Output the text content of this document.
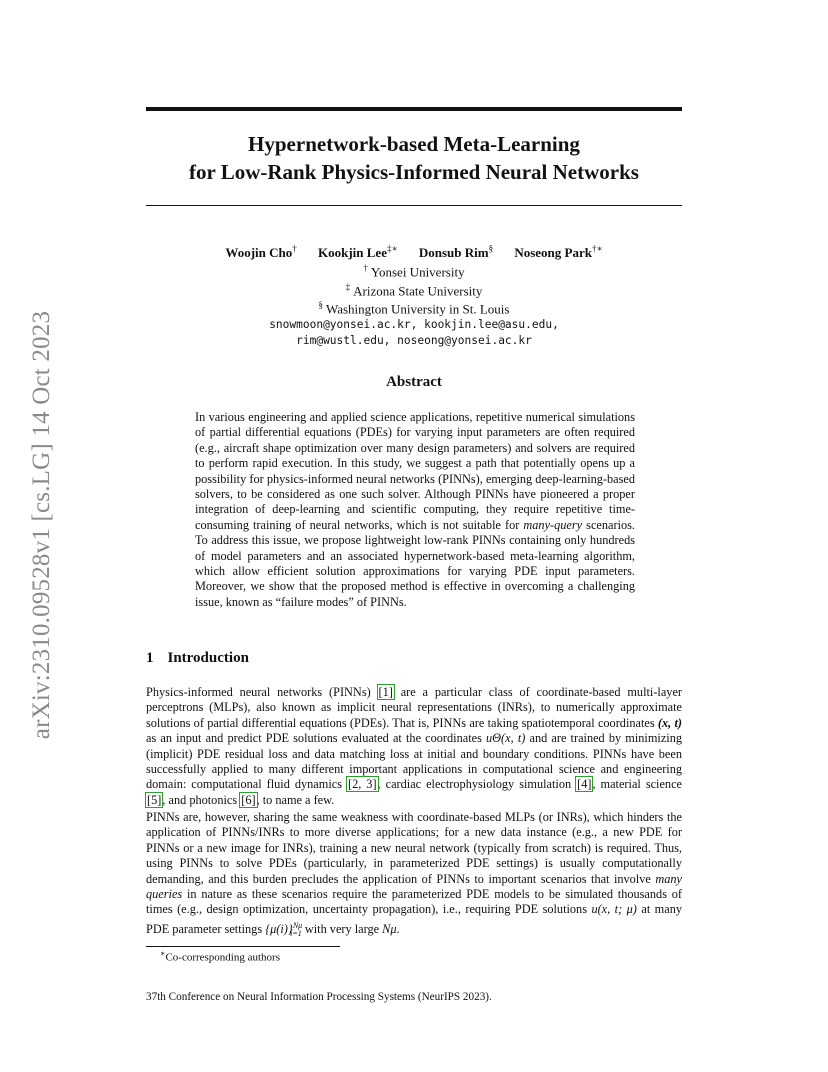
arXiv:2310.09528v1 [cs.LG] 14 Oct 2023
Hypernetwork-based Meta-Learning
for Low-Rank Physics-Informed Neural Networks
Woojin Cho† Kookjin Lee‡∗ Donsub Rim§ Noseong Park†∗
† Yonsei University
‡ Arizona State University
§ Washington University in St. Louis
snowmoon@yonsei.ac.kr, kookjin.lee@asu.edu,
rim@wustl.edu, noseong@yonsei.ac.kr
Abstract

In various engineering and applied science applications, repetitive numerical simulations of partial differential equations (PDEs) for varying input parameters are often required (e.g., aircraft shape optimization over many design parameters) and solvers are required to perform rapid execution. In this study, we suggest a path that potentially opens up a possibility for physics-informed neural networks (PINNs), emerging deep-learning-based solvers, to be considered as one such solver. Although PINNs have pioneered a proper integration of deep-learning and scientific computing, they require repetitive time-consuming training of neural networks, which is not suitable for many-query scenarios. To address this issue, we propose lightweight low-rank PINNs containing only hundreds of model parameters and an associated hypernetwork-based meta-learning algorithm, which allow efficient solution approximations for varying PDE input parameters. Moreover, we show that the proposed method is effective in overcoming a challenging issue, known as “failure modes” of PINNs.

1 Introduction

Physics-informed neural networks (PINNs) [1] are a particular class of coordinate-based multi-layer perceptrons (MLPs), also known as implicit neural representations (INRs), to numerically approximate solutions of partial differential equations (PDEs). That is, PINNs are taking spatiotemporal coordinates (x, t) as an input and predict PDE solutions evaluated at the coordinates uΘ(x, t) and are trained by minimizing (implicit) PDE residual loss and data matching loss at initial and boundary conditions. PINNs have been successfully applied to many different important applications in computational science and engineering domain: computational fluid dynamics [2, 3], cardiac electrophysiology simulation [4], material science [5], and photonics [6], to name a few.

PINNs are, however, sharing the same weakness with coordinate-based MLPs (or INRs), which hinders the application of PINNs/INRs to more diverse applications; for a new data instance (e.g., a new PDE for PINNs or a new image for INRs), training a new neural network (typically from scratch) is required. Thus, using PINNs to solve PDEs (particularly, in parameterized PDE settings) is usually computationally demanding, and this burden precludes the application of PINNs to important scenarios that involve many queries in nature as these scenarios require the parameterized PDE models to be simulated thousands of times (e.g., design optimization, uncertainty propagation), i.e., requiring PDE solutions u(x, t; μ) at many PDE parameter settings $\{\mu(i)\}^{N\mu}_{i=1}$ with very large Nμ.

∗Co-corresponding authors

37th Conference on Neural Information Processing Systems (NeurIPS 2023).
